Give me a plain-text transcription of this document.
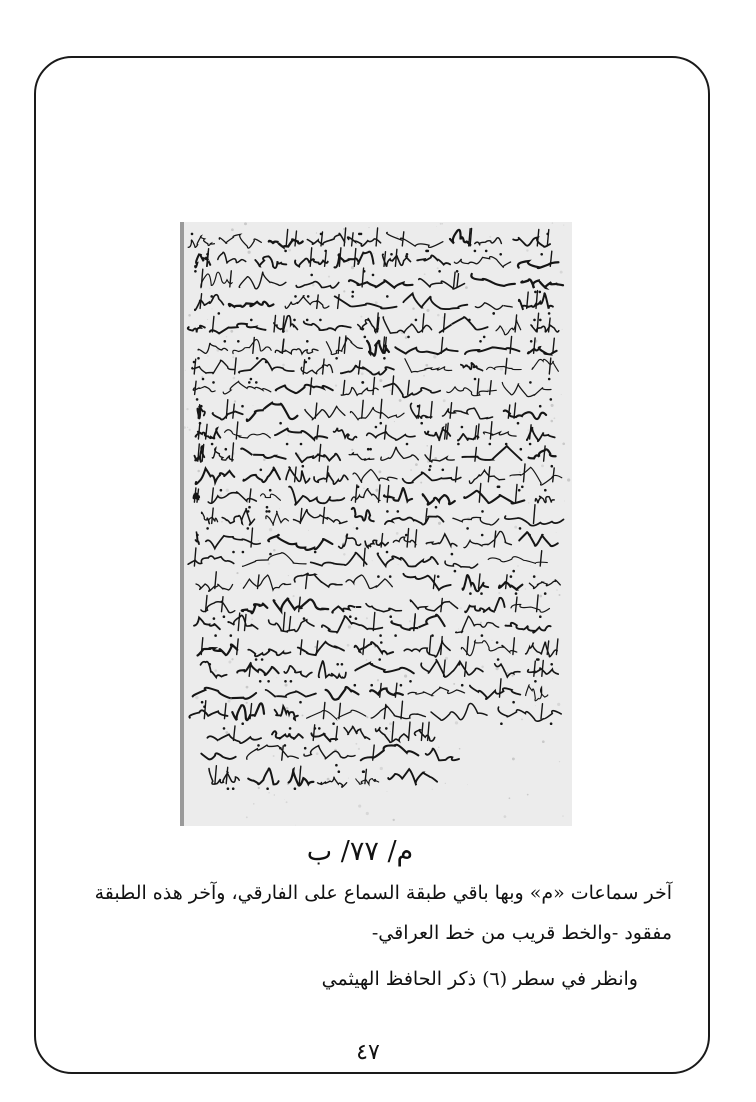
م/ ٧٧/ ب
آخر سماعات «م» وبها باقي طبقة السماع على الفارقي، وآخر هذه الطبقة
مفقود -والخط قريب من خط العراقي-
وانظر في سطر (٦) ذكر الحافظ الهيثمي
٤٧
